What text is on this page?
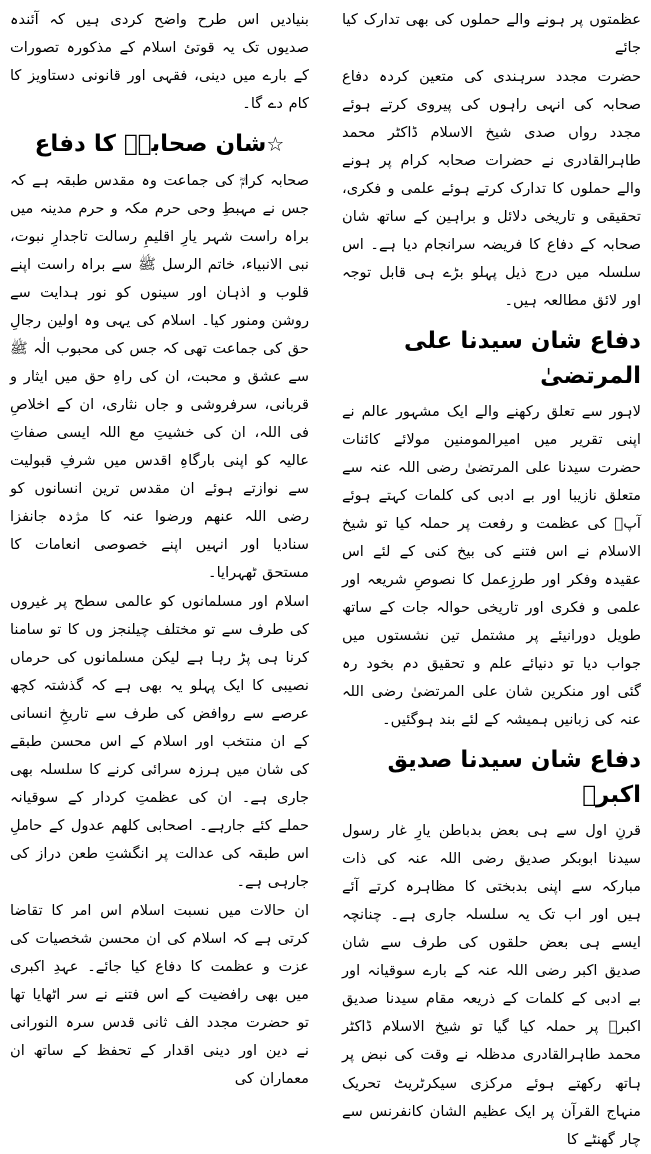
عظمتوں پر ہونے والے حملوں کی بھی تدارک کیا جائے

حضرت مجدد سرہندی کی متعین کردہ دفاع صحابہ کی انہی راہوں کی پیروی کرتے ہوئے مجدد رواں صدی شیخ الاسلام ڈاکٹر محمد طاہرالقادری نے حضرات صحابہ کرام پر ہونے والے حملوں کا تدارک کرتے ہوئے علمی و فکری، تحقیقی و تاریخی دلائل و براہین کے ساتھ شان صحابہ کے دفاع کا فریضہ سرانجام دیا ہے۔ اس سلسلہ میں درج ذیل پہلو بڑے ہی قابل توجہ اور لائق مطالعہ ہیں۔

دفاع شان سیدنا علی المرتضیٰ

لاہور سے تعلق رکھنے والے ایک مشہور عالم نے اپنی تقریر میں امیرالمومنین مولائے کائنات حضرت سیدنا علی المرتضیٰ رضی اللہ عنہ سے متعلق نازیبا اور بے ادبی کی کلمات کہتے ہوئے آپؓ کی عظمت و رفعت پر حملہ کیا تو شیخ الاسلام نے اس فتنے کی بیخ کنی کے لئے اس عقیدہ وفکر اور طرزِعمل کا نصوصِ شریعہ اور علمی و فکری اور تاریخی حوالہ جات کے ساتھ طویل دورانیئے پر مشتمل تین نشستوں میں جواب دیا تو دنیائے علم و تحقیق دم بخود رہ گئی اور منکرین شان علی المرتضیٰ رضی اللہ عنہ کی زبانیں ہمیشہ کے لئے بند ہوگئیں۔

دفاع شان سیدنا صدیق اکبرؓ

قرنِ اول سے ہی بعض بدباطن یارِ غار رسول سیدنا ابوبکر صدیق رضی اللہ عنہ کی ذات مبارکہ سے اپنی بدبختی کا مظاہرہ کرتے آئے ہیں اور اب تک یہ سلسلہ جاری ہے۔ چنانچہ ایسے ہی بعض حلقوں کی طرف سے شان صدیق اکبر رضی اللہ عنہ کے بارے سوقیانہ اور بے ادبی کے کلمات کے ذریعہ مقام سیدنا صدیق اکبرؓ پر حملہ کیا گیا تو شیخ الاسلام ڈاکٹر محمد طاہرالقادری مدظلہ نے وقت کی نبض پر ہاتھ رکھتے ہوئے مرکزی سیکرٹریٹ تحریک منہاج القرآن پر ایک عظیم الشان کانفرنس سے چار گھنٹے کا

بنیادیں اس طرح واضح کردی ہیں کہ آئندہ صدیوں تک یہ قوتیٔ اسلام کے مذکورہ تصورات کے بارے میں دینی، فقہی اور قانونی دستاویز کا کام دے گا۔

☆شان صحابہؓ کا دفاع

صحابہ کرامؓ کی جماعت وہ مقدس طبقہ ہے کہ جس نے مہبطِ وحی حرم مکہ و حرم مدینہ میں براہ راست شہر یارِ اقلیمِ رسالت تاجدارِ نبوت، نبی الانبیاء، خاتم الرسل ﷺ سے براہ راست اپنے قلوب و اذہان اور سینوں کو نور ہدایت سے روشن ومنور کیا۔ اسلام کی یہی وہ اولین رجالِ حق کی جماعت تھی کہ جس کی محبوب الٰہ ﷺ سے عشق و محبت، ان کی راہِ حق میں ایثار و قربانی، سرفروشی و جاں نثاری، ان کے اخلاصِ فی اللہ، ان کی خشیتِ مع اللہ ایسی صفاتِ عالیہ کو اپنی بارگاہِ اقدس میں شرفِ قبولیت سے نوازتے ہوئے ان مقدس ترین انسانوں کو رضی اللہ عنھم ورضوا عنہ کا مژدہ جانفزا سنادیا اور انہیں اپنے خصوصی انعامات کا مستحق ٹھہرایا۔

اسلام اور مسلمانوں کو عالمی سطح پر غیروں کی طرف سے تو مختلف چیلنجز وں کا تو سامنا کرنا ہی پڑ رہا ہے لیکن مسلمانوں کی حرماں نصیبی کا ایک پہلو یہ بھی ہے کہ گذشتہ کچھ عرصے سے روافض کی طرف سے تاریخِ انسانی کے ان منتخب اور اسلام کے اس محسن طبقے کی شان میں ہرزہ سرائی کرنے کا سلسلہ بھی جاری ہے۔ ان کی عظمتِ کردار کے سوقیانہ حملے کئے جارہے۔ اصحابی کلھم عدول کے حاملِ اس طبقہ کی عدالت پر انگشتِ طعن دراز کی جارہی ہے۔

ان حالات میں نسبت اسلام اس امر کا تقاضا کرتی ہے کہ اسلام کی ان محسن شخصیات کی عزت و عظمت کا دفاع کیا جائے۔ عہدِ اکبری میں بھی رافضیت کے اس فتنے نے سر اٹھایا تھا تو حضرت مجدد الف ثانی قدس سرہ النورانی نے دین اور دینی اقدار کے تحفظ کے ساتھ ان معماران کی
